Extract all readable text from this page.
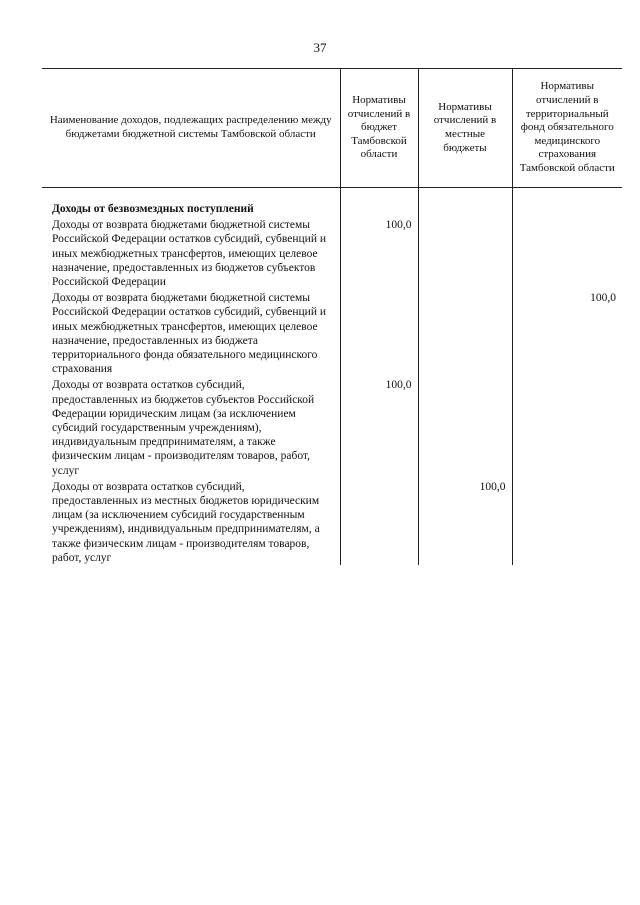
37
Наименование доходов, подлежащих распределению между бюджетами бюджетной системы Тамбовской области	Нормативы отчислений в бюджет Тамбовской области	Нормативы отчислений в местные бюджеты	Нормативы отчислений в территориальный фонд обязательного медицинского страхования Тамбовской области
Доходы от безвозмездных поступлений			
Доходы от возврата бюджетами бюджетной системы Российской Федерации остатков субсидий, субвенций и иных межбюджетных трансфертов, имеющих целевое назначение, предоставленных из бюджетов субъектов Российской Федерации	100,0		
Доходы от возврата бюджетами бюджетной системы Российской Федерации остатков субсидий, субвенций и иных межбюджетных трансфертов, имеющих целевое назначение, предоставленных из бюджета территориального фонда обязательного медицинского страхования			100,0
Доходы от возврата остатков субсидий, предоставленных из бюджетов субъектов Российской Федерации юридическим лицам (за исключением субсидий государственным учреждениям), индивидуальным предпринимателям, а также физическим лицам - производителям товаров, работ, услуг	100,0		
Доходы от возврата остатков субсидий, предоставленных из местных бюджетов юридическим лицам (за исключением субсидий государственным учреждениям), индивидуальным предпринимателям, а также физическим лицам - производителям товаров, работ, услуг		100,0	
